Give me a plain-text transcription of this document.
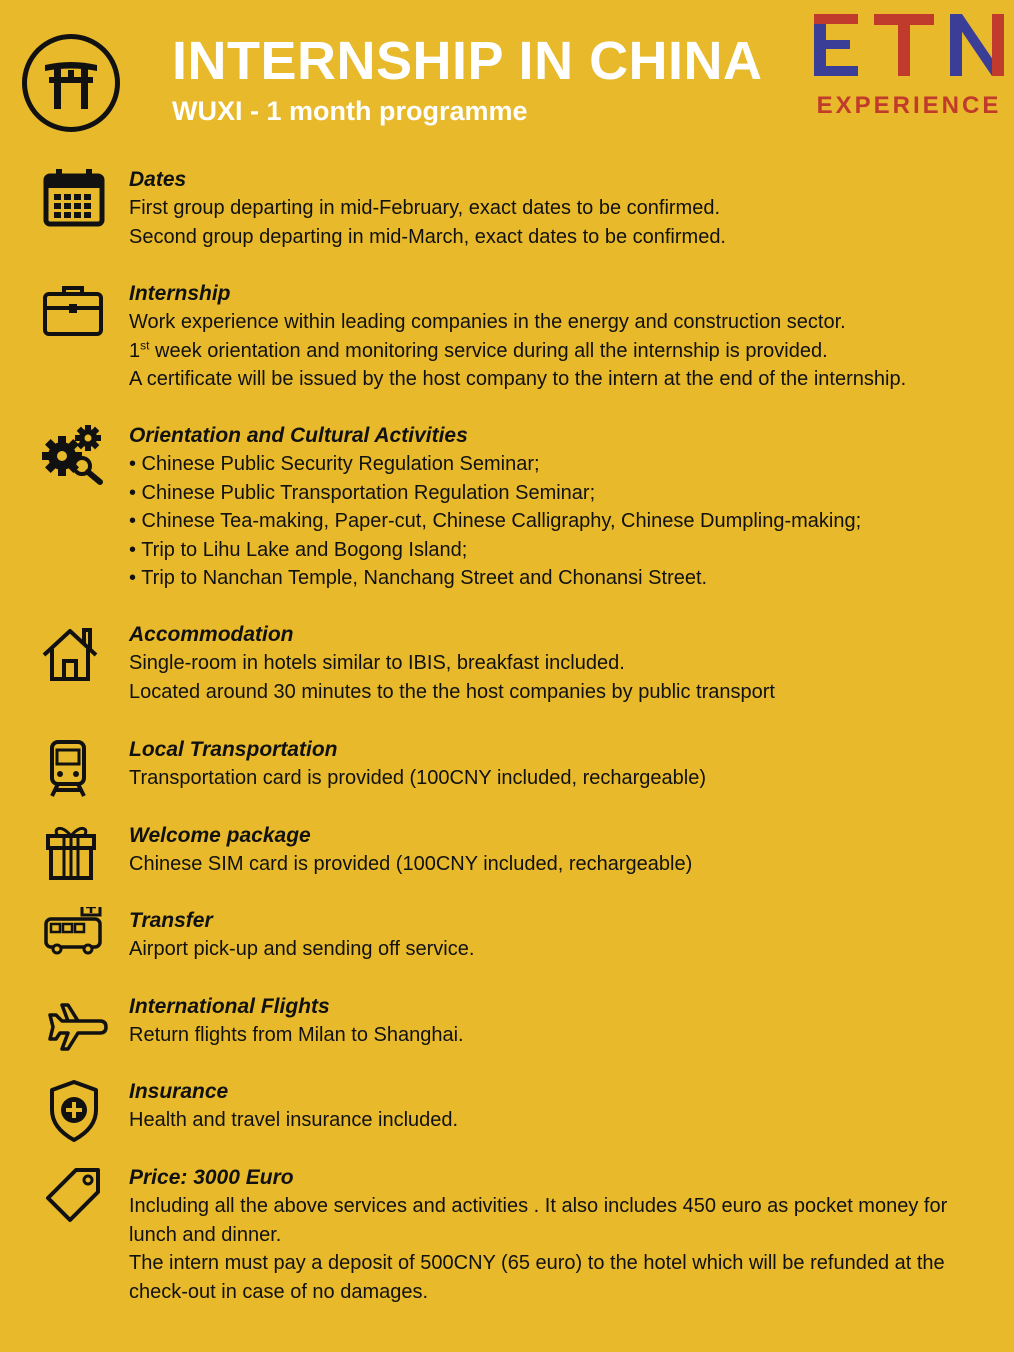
INTERNSHIP IN CHINA
WUXI - 1 month programme	EXPERIENCE
Dates
First group departing in mid-February, exact dates to be confirmed.
Second group departing in mid-March, exact dates to be confirmed.
Internship
Work experience within leading companies in the energy and construction sector.
1st week orientation and monitoring service during all the internship is provided.
A certificate will be issued by the host company to the intern at the end of the internship.
Orientation and Cultural Activities
• Chinese Public Security Regulation Seminar;
• Chinese Public Transportation Regulation Seminar;
• Chinese Tea-making, Paper-cut, Chinese Calligraphy, Chinese Dumpling-making;
• Trip to Lihu Lake and Bogong Island;
• Trip to Nanchan Temple, Nanchang Street and Chonansi Street.
Accommodation
Single-room in hotels similar to IBIS, breakfast included.
Located around 30 minutes to the the host companies by public transport
Local Transportation
Transportation card is provided (100CNY included, rechargeable)
Welcome package
Chinese SIM card is provided (100CNY included, rechargeable)
Transfer
Airport pick-up and sending off service.
International Flights
Return flights from Milan to Shanghai.
Insurance
Health and travel insurance included.
Price: 3000 Euro
Including all the above services and activities . It also includes 450 euro as pocket money for lunch and dinner.
The intern must pay a deposit of 500CNY (65 euro) to the hotel which will be refunded at the check-out in case of no damages.
